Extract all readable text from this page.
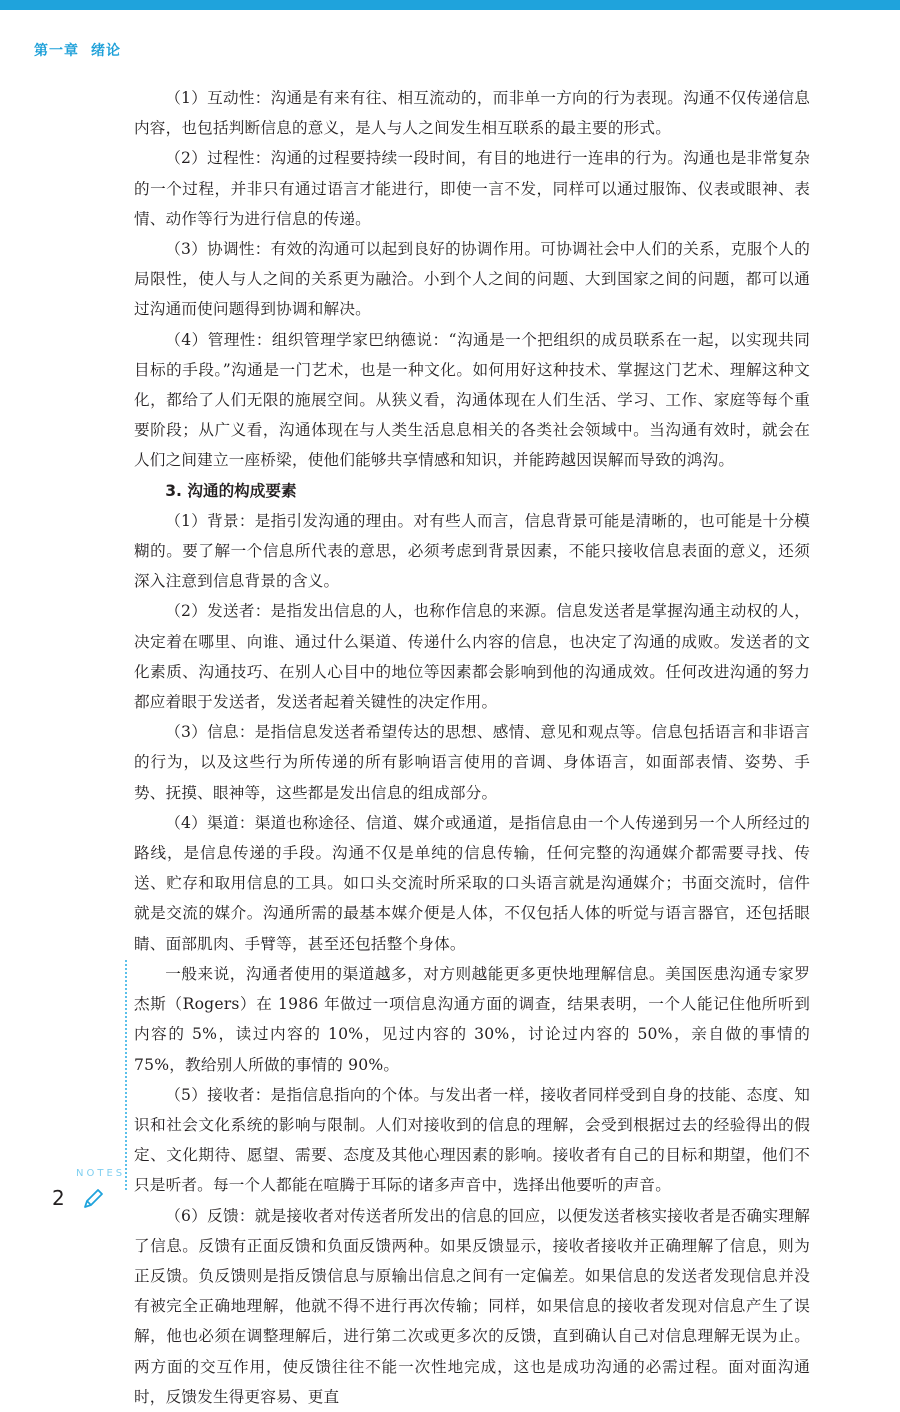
第一章 绪论

（1）互动性：沟通是有来有往、相互流动的，而非单一方向的行为表现。沟通不仅传递信息内容，也包括判断信息的意义，是人与人之间发生相互联系的最主要的形式。

（2）过程性：沟通的过程要持续一段时间，有目的地进行一连串的行为。沟通也是非常复杂的一个过程，并非只有通过语言才能进行，即使一言不发，同样可以通过服饰、仪表或眼神、表情、动作等行为进行信息的传递。

（3）协调性：有效的沟通可以起到良好的协调作用。可协调社会中人们的关系，克服个人的局限性，使人与人之间的关系更为融洽。小到个人之间的问题、大到国家之间的问题，都可以通过沟通而使问题得到协调和解决。

（4）管理性：组织管理学家巴纳德说：“沟通是一个把组织的成员联系在一起，以实现共同目标的手段。”沟通是一门艺术，也是一种文化。如何用好这种技术、掌握这门艺术、理解这种文化，都给了人们无限的施展空间。从狭义看，沟通体现在人们生活、学习、工作、家庭等每个重要阶段；从广义看，沟通体现在与人类生活息息相关的各类社会领域中。当沟通有效时，就会在人们之间建立一座桥梁，使他们能够共享情感和知识，并能跨越因误解而导致的鸿沟。

3. 沟通的构成要素

（1）背景：是指引发沟通的理由。对有些人而言，信息背景可能是清晰的，也可能是十分模糊的。要了解一个信息所代表的意思，必须考虑到背景因素，不能只接收信息表面的意义，还须深入注意到信息背景的含义。

（2）发送者：是指发出信息的人，也称作信息的来源。信息发送者是掌握沟通主动权的人，决定着在哪里、向谁、通过什么渠道、传递什么内容的信息，也决定了沟通的成败。发送者的文化素质、沟通技巧、在别人心目中的地位等因素都会影响到他的沟通成效。任何改进沟通的努力都应着眼于发送者，发送者起着关键性的决定作用。

（3）信息：是指信息发送者希望传达的思想、感情、意见和观点等。信息包括语言和非语言的行为，以及这些行为所传递的所有影响语言使用的音调、身体语言，如面部表情、姿势、手势、抚摸、眼神等，这些都是发出信息的组成部分。

（4）渠道：渠道也称途径、信道、媒介或通道，是指信息由一个人传递到另一个人所经过的路线，是信息传递的手段。沟通不仅是单纯的信息传输，任何完整的沟通媒介都需要寻找、传送、贮存和取用信息的工具。如口头交流时所采取的口头语言就是沟通媒介；书面交流时，信件就是交流的媒介。沟通所需的最基本媒介便是人体，不仅包括人体的听觉与语言器官，还包括眼睛、面部肌肉、手臂等，甚至还包括整个身体。

一般来说，沟通者使用的渠道越多，对方则越能更多更快地理解信息。美国医患沟通专家罗杰斯（Rogers）在 1986 年做过一项信息沟通方面的调查，结果表明，一个人能记住他所听到内容的 5%，读过内容的 10%，见过内容的 30%，讨论过内容的 50%，亲自做的事情的 75%，教给别人所做的事情的 90%。

（5）接收者：是指信息指向的个体。与发出者一样，接收者同样受到自身的技能、态度、知识和社会文化系统的影响与限制。人们对接收到的信息的理解，会受到根据过去的经验得出的假定、文化期待、愿望、需要、态度及其他心理因素的影响。接收者有自己的目标和期望，他们不只是听者。每一个人都能在喧腾于耳际的诸多声音中，选择出他要听的声音。

（6）反馈：就是接收者对传送者所发出的信息的回应，以便发送者核实接收者是否确实理解了信息。反馈有正面反馈和负面反馈两种。如果反馈显示，接收者接收并正确理解了信息，则为正反馈。负反馈则是指反馈信息与原输出信息之间有一定偏差。如果信息的发送者发现信息并没有被完全正确地理解，他就不得不进行再次传输；同样，如果信息的接收者发现对信息产生了误解，他也必须在调整理解后，进行第二次或更多次的反馈，直到确认自己对信息理解无误为止。两方面的交互作用，使反馈往往不能一次性地完成，这也是成功沟通的必需过程。面对面沟通时，反馈发生得更容易、更直

NOTES
2
